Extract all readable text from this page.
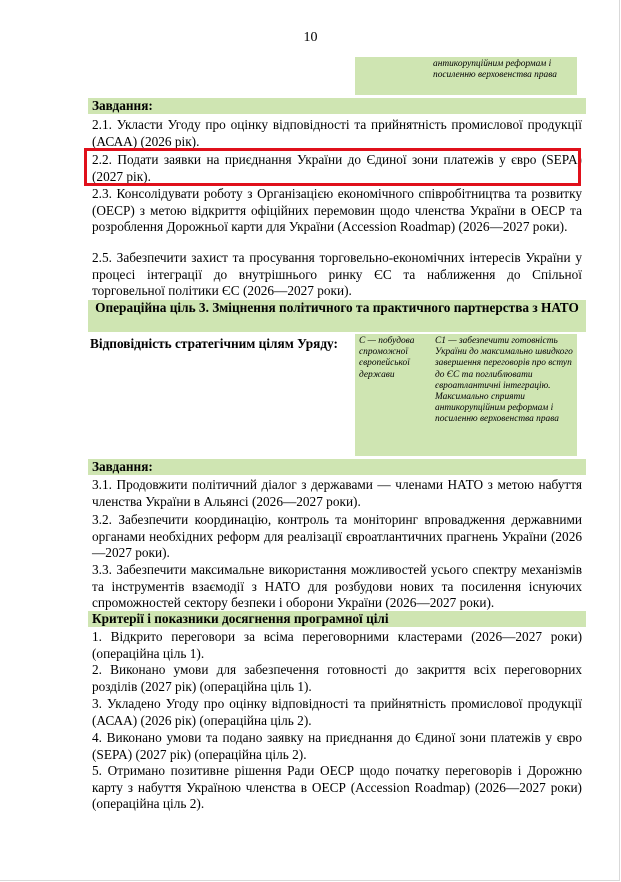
10
антикорупційним реформам і посиленню верховенства права
Завдання:
2.1. Укласти Угоду про оцінку відповідності та прийнятність промислової продукції (АСАА) (2026 рік).
2.2. Подати заявки на приєднання України до Єдиної зони платежів у євро (SEPA) (2027 рік).
2.3. Консолідувати роботу з Організацією економічного співробітництва та розвитку (ОЕСР) з метою відкриття офіційних перемовин щодо членства України в ОЕСР та розроблення Дорожньої карти для України (Accession Roadmap) (2026—2027 роки).
2.5. Забезпечити захист та просування торговельно-економічних інтересів України у процесі інтеграції до внутрішнього ринку ЄС та наближення до Спільної торговельної політики ЄС (2026—2027 роки).
Операційна ціль 3. Зміцнення політичного та практичного партнерства з НАТО
Відповідність стратегічним цілям Уряду:	С — побудова спроможної європейської держави
С1 — забезпечити готовність України до максимально швидкого завершення переговорів про вступ до ЄС та поглиблювати євроатлантичні інтеграцію. Максимально сприяти антикорупційним реформам і посиленню верховенства права
Завдання:
3.1. Продовжити політичний діалог з державами — членами НАТО з метою набуття членства України в Альянсі (2026—2027 роки).
3.2. Забезпечити координацію, контроль та моніторинг впровадження державними органами необхідних реформ для реалізації євроатлантичних прагнень України (2026—2027 роки).
3.3. Забезпечити максимальне використання можливостей усього спектру механізмів та інструментів взаємодії з НАТО для розбудови нових та посилення існуючих спроможностей сектору безпеки і оборони України (2026—2027 роки).
Критерії і показники досягнення програмної цілі
1. Відкрито переговори за всіма переговорними кластерами (2026—2027 роки) (операційна ціль 1).
2. Виконано умови для забезпечення готовності до закриття всіх переговорних розділів (2027 рік) (операційна ціль 1).
3. Укладено Угоду про оцінку відповідності та прийнятність промислової продукції (АСАА) (2026 рік) (операційна ціль 2).
4. Виконано умови та подано заявку на приєднання до Єдиної зони платежів у євро (SEPA) (2027 рік) (операційна ціль 2).
5. Отримано позитивне рішення Ради ОЕСР щодо початку переговорів і Дорожню карту з набуття Україною членства в ОЕСР (Accession Roadmap) (2026—2027 роки) (операційна ціль 2).
